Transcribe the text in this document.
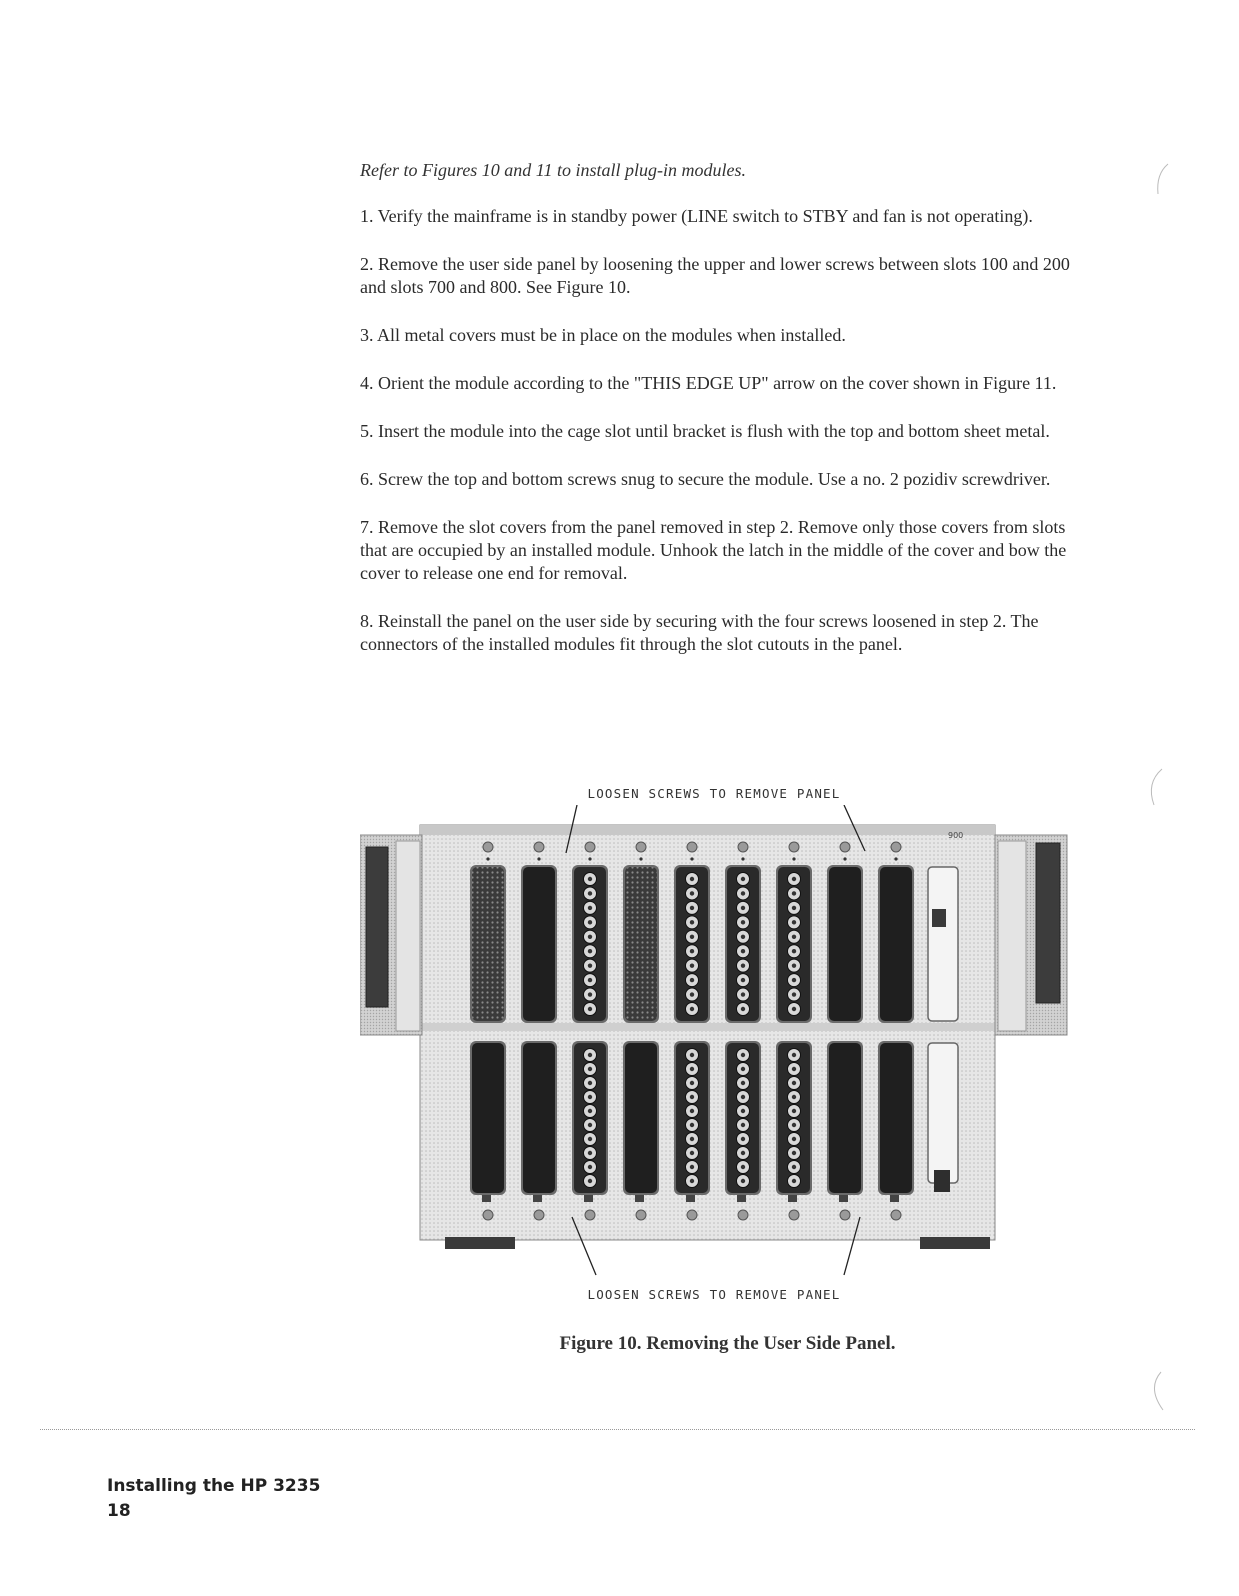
Refer to Figures 10 and 11 to install plug-in modules.

1. Verify the mainframe is in standby power (LINE switch to STBY and fan is not operating).

2. Remove the user side panel by loosening the upper and lower screws between slots 100 and 200 and slots 700 and 800. See Figure 10.

3. All metal covers must be in place on the modules when installed.

4. Orient the module according to the "THIS EDGE UP" arrow on the cover shown in Figure 11.

5. Insert the module into the cage slot until bracket is flush with the top and bottom sheet metal.

6. Screw the top and bottom screws snug to secure the module. Use a no. 2 pozidiv screwdriver.

7. Remove the slot covers from the panel removed in step 2. Remove only those covers from slots that are occupied by an installed module. Unhook the latch in the middle of the cover and bow the cover to release one end for removal.

8. Reinstall the panel on the user side by securing with the four screws loosened in step 2. The connectors of the installed modules fit through the slot cutouts in the panel.

LOOSEN SCREWS TO REMOVE PANEL
900
LOOSEN SCREWS TO REMOVE PANEL
Figure 10. Removing the User Side Panel.
Installing the HP 3235
18
